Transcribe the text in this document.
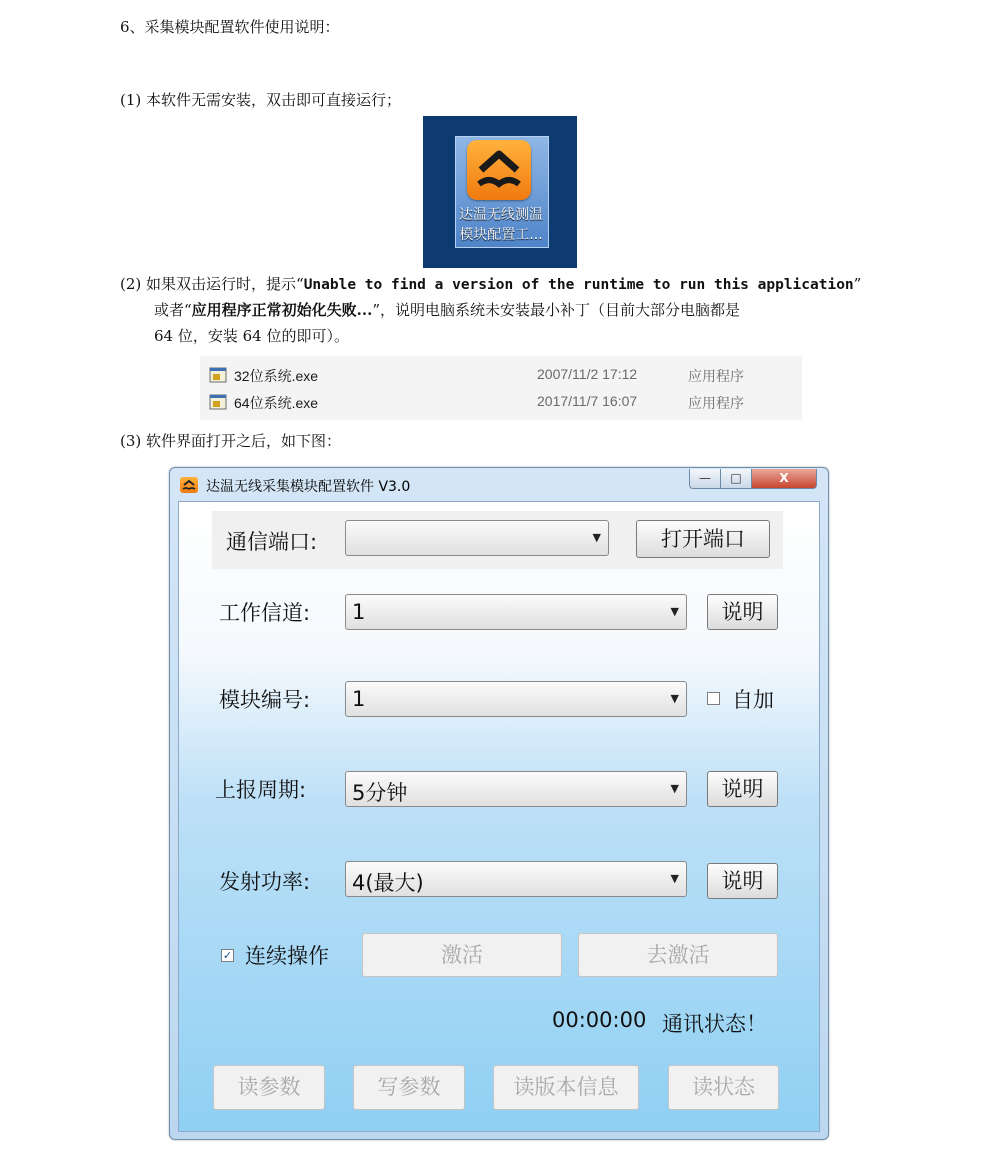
6、采集模块配置软件使用说明：
(1) 本软件无需安装，双击即可直接运行；
达温无线测温
模块配置工...
(2) 如果双击运行时，提示“Unable to find a version of the runtime to run this application”
或者“应用程序正常初始化失败...”，说明电脑系统未安装最小补丁（目前大部分电脑都是
64 位，安装 64 位的即可）。
32位系统.exe	2007/11/2 17:12	应用程序
64位系统.exe	2017/11/7 16:07	应用程序
(3) 软件界面打开之后，如下图：
达温无线采集模块配置软件 V3.0
—	□	X
通信端口:	▼	打开端口
工作信道: 1	▼	说明
模块编号: 1	▼	自加
上报周期: 5分钟	▼	说明
发射功率: 4(最大)	▼	说明
✓ 连续操作	激活	去激活
00:00:00 通讯状态！
读参数	写参数	读版本信息	读状态
